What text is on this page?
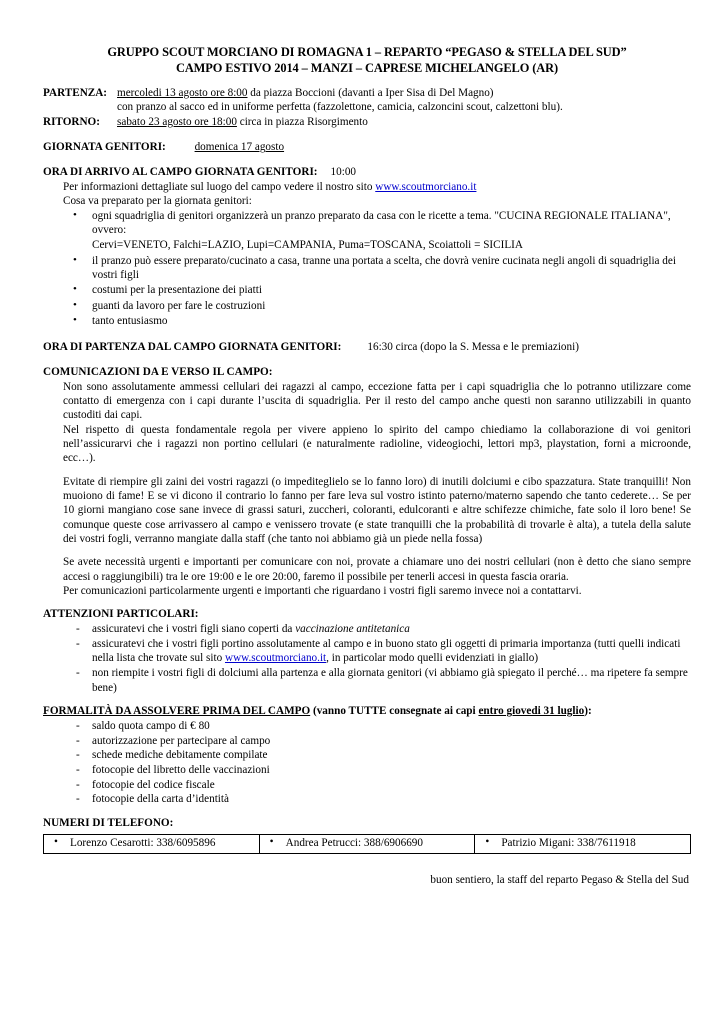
GRUPPO SCOUT MORCIANO DI ROMAGNA 1 – REPARTO “PEGASO & STELLA DEL SUD”
CAMPO ESTIVO 2014 – MANZI – CAPRESE MICHELANGELO (AR)
PARTENZA: mercoledi 13 agosto ore 8:00 da piazza Boccioni (davanti a Iper Sisa di Del Magno)
con pranzo al sacco ed in uniforme perfetta (fazzolettone, camicia, calzoncini scout, calzettoni blu).
RITORNO:	sabato 23 agosto ore 18:00 circa in piazza Risorgimento
GIORNATA GENITORI:	domenica 17 agosto
ORA DI ARRIVO AL CAMPO GIORNATA GENITORI: 10:00
Per informazioni dettagliate sul luogo del campo vedere il nostro sito www.scoutmorciano.it
Cosa va preparato per la giornata genitori:
• ogni squadriglia di genitori organizzerà un pranzo preparato da casa con le ricette a tema. "CUCINA REGIONALE ITALIANA", ovvero:
Cervi=VENETO, Falchi=LAZIO, Lupi=CAMPANIA, Puma=TOSCANA, Scoiattoli = SICILIA
• il pranzo può essere preparato/cucinato a casa, tranne una portata a scelta, che dovrà venire cucinata negli angoli di squadriglia dei vostri figli
• costumi per la presentazione dei piatti
• guanti da lavoro per fare le costruzioni
• tanto entusiasmo
ORA DI PARTENZA DAL CAMPO GIORNATA GENITORI: 16:30 circa (dopo la S. Messa e le premiazioni)
COMUNICAZIONI DA E VERSO IL CAMPO:
Non sono assolutamente ammessi cellulari dei ragazzi al campo, eccezione fatta per i capi squadriglia che lo potranno utilizzare come contatto di emergenza con i capi durante l’uscita di squadriglia. Per il resto del campo anche questi non saranno utilizzabili in quanto custoditi dai capi.
Nel rispetto di questa fondamentale regola per vivere appieno lo spirito del campo chiediamo la collaborazione di voi genitori nell’assicurarvi che i ragazzi non portino cellulari (e naturalmente radioline, videogiochi, lettori mp3, playstation, forni a microonde, ecc…).
Evitate di riempire gli zaini dei vostri ragazzi (o impediteglielo se lo fanno loro) di inutili dolciumi e cibo spazzatura. State tranquilli! Non muoiono di fame! E se vi dicono il contrario lo fanno per fare leva sul vostro istinto paterno/materno sapendo che tanto cederete… Se per 10 giorni mangiano cose sane invece di grassi saturi, zuccheri, coloranti, edulcoranti e altre schifezze chimiche, fate solo il loro bene! Se comunque queste cose arrivassero al campo e venissero trovate (e state tranquilli che la probabilità di trovarle è alta), a tutela della salute dei vostri fogli, verranno mangiate dalla staff (che tanto noi abbiamo già un piede nella fossa)
Se avete necessità urgenti e importanti per comunicare con noi, provate a chiamare uno dei nostri cellulari (non è detto che siano sempre accesi o raggiungibili) tra le ore 19:00 e le ore 20:00, faremo il possibile per tenerli accesi in questa fascia oraria.
Per comunicazioni particolarmente urgenti e importanti che riguardano i vostri figli saremo invece noi a contattarvi.
ATTENZIONI PARTICOLARI:
- assicuratevi che i vostri figli siano coperti da vaccinazione antitetanica
- assicuratevi che i vostri figli portino assolutamente al campo e in buono stato gli oggetti di primaria importanza (tutti quelli indicati nella lista che trovate sul sito www.scoutmorciano.it, in particolar modo quelli evidenziati in giallo)
- non riempite i vostri figli di dolciumi alla partenza e alla giornata genitori (vi abbiamo già spiegato il perché… ma ripetere fa sempre bene)
FORMALITÀ DA ASSOLVERE PRIMA DEL CAMPO (vanno TUTTE consegnate ai capi entro giovedi 31 luglio):
- saldo quota campo di € 80
- autorizzazione per partecipare al campo
- schede mediche debitamente compilate
- fotocopie del libretto delle vaccinazioni
- fotocopie del codice fiscale
- fotocopie della carta d’identità
NUMERI DI TELEFONO:
• Lorenzo Cesarotti: 338/6095896

•Andrea Petrucci: 388/6906690

•Patrizio Migani: 338/7611918
buon sentiero, la staff del reparto Pegaso & Stella del Sud
